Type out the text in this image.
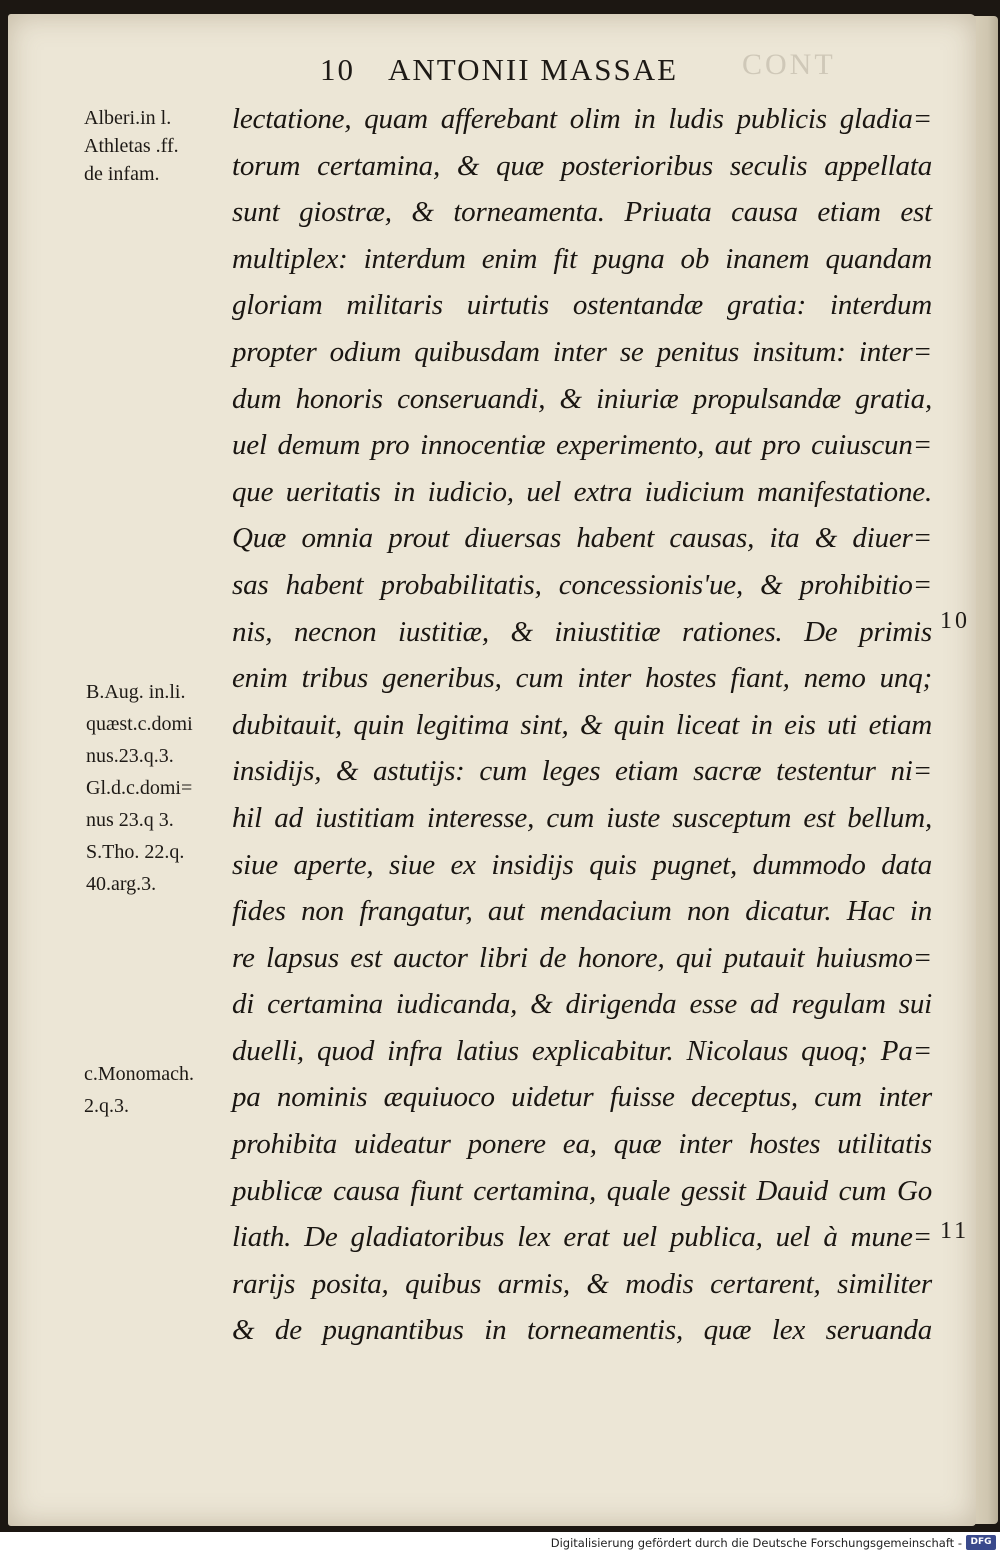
CONT
10 ANTONII MASSAE
lectatione, quam afferebant olim in ludis publicis gladia=
torum certamina, & quæ posterioribus seculis appellata
sunt giostræ, & torneamenta. Priuata causa etiam est
multiplex: interdum enim fit pugna ob inanem quandam
gloriam militaris uirtutis ostentandæ gratia: interdum
propter odium quibusdam inter se penitus insitum: inter=
dum honoris conseruandi, & iniuriæ propulsandæ gratia,
uel demum pro innocentiæ experimento, aut pro cuiuscun=
que ueritatis in iudicio, uel extra iudicium manifestatione.
Quæ omnia prout diuersas habent causas, ita & diuer=
sas habent probabilitatis, concessionis'ue, & prohibitio=
nis, necnon iustitiæ, & iniustitiæ rationes. De primis
enim tribus generibus, cum inter hostes fiant, nemo unq;
dubitauit, quin legitima sint, & quin liceat in eis uti etiam
insidijs, & astutijs: cum leges etiam sacræ testentur ni=
hil ad iustitiam interesse, cum iuste susceptum est bellum,
siue aperte, siue ex insidijs quis pugnet, dummodo data
fides non frangatur, aut mendacium non dicatur. Hac in
re lapsus est auctor libri de honore, qui putauit huiusmo=
di certamina iudicanda, & dirigenda esse ad regulam sui
duelli, quod infra latius explicabitur. Nicolaus quoq; Pa=
pa nominis æquiuoco uidetur fuisse deceptus, cum inter
prohibita uideatur ponere ea, quæ inter hostes utilitatis
publicæ causa fiunt certamina, quale gessit Dauid cum Go
liath. De gladiatoribus lex erat uel publica, uel à mune=
rarijs posita, quibus armis, & modis certarent, similiter
& de pugnantibus in torneamentis, quæ lex seruanda
Alberi.in l.
Athletas .ff.
de infam.
B.Aug. in.li.
quæst.c.domi
nus.23.q.3.
Gl.d.c.domi=
nus 23.q 3.
S.Tho. 22.q.
40.arg.3.
c.Monomach.
2.q.3.
10
11
Digitalisierung gefördert durch die Deutsche Forschungsgemeinschaft - DFG
